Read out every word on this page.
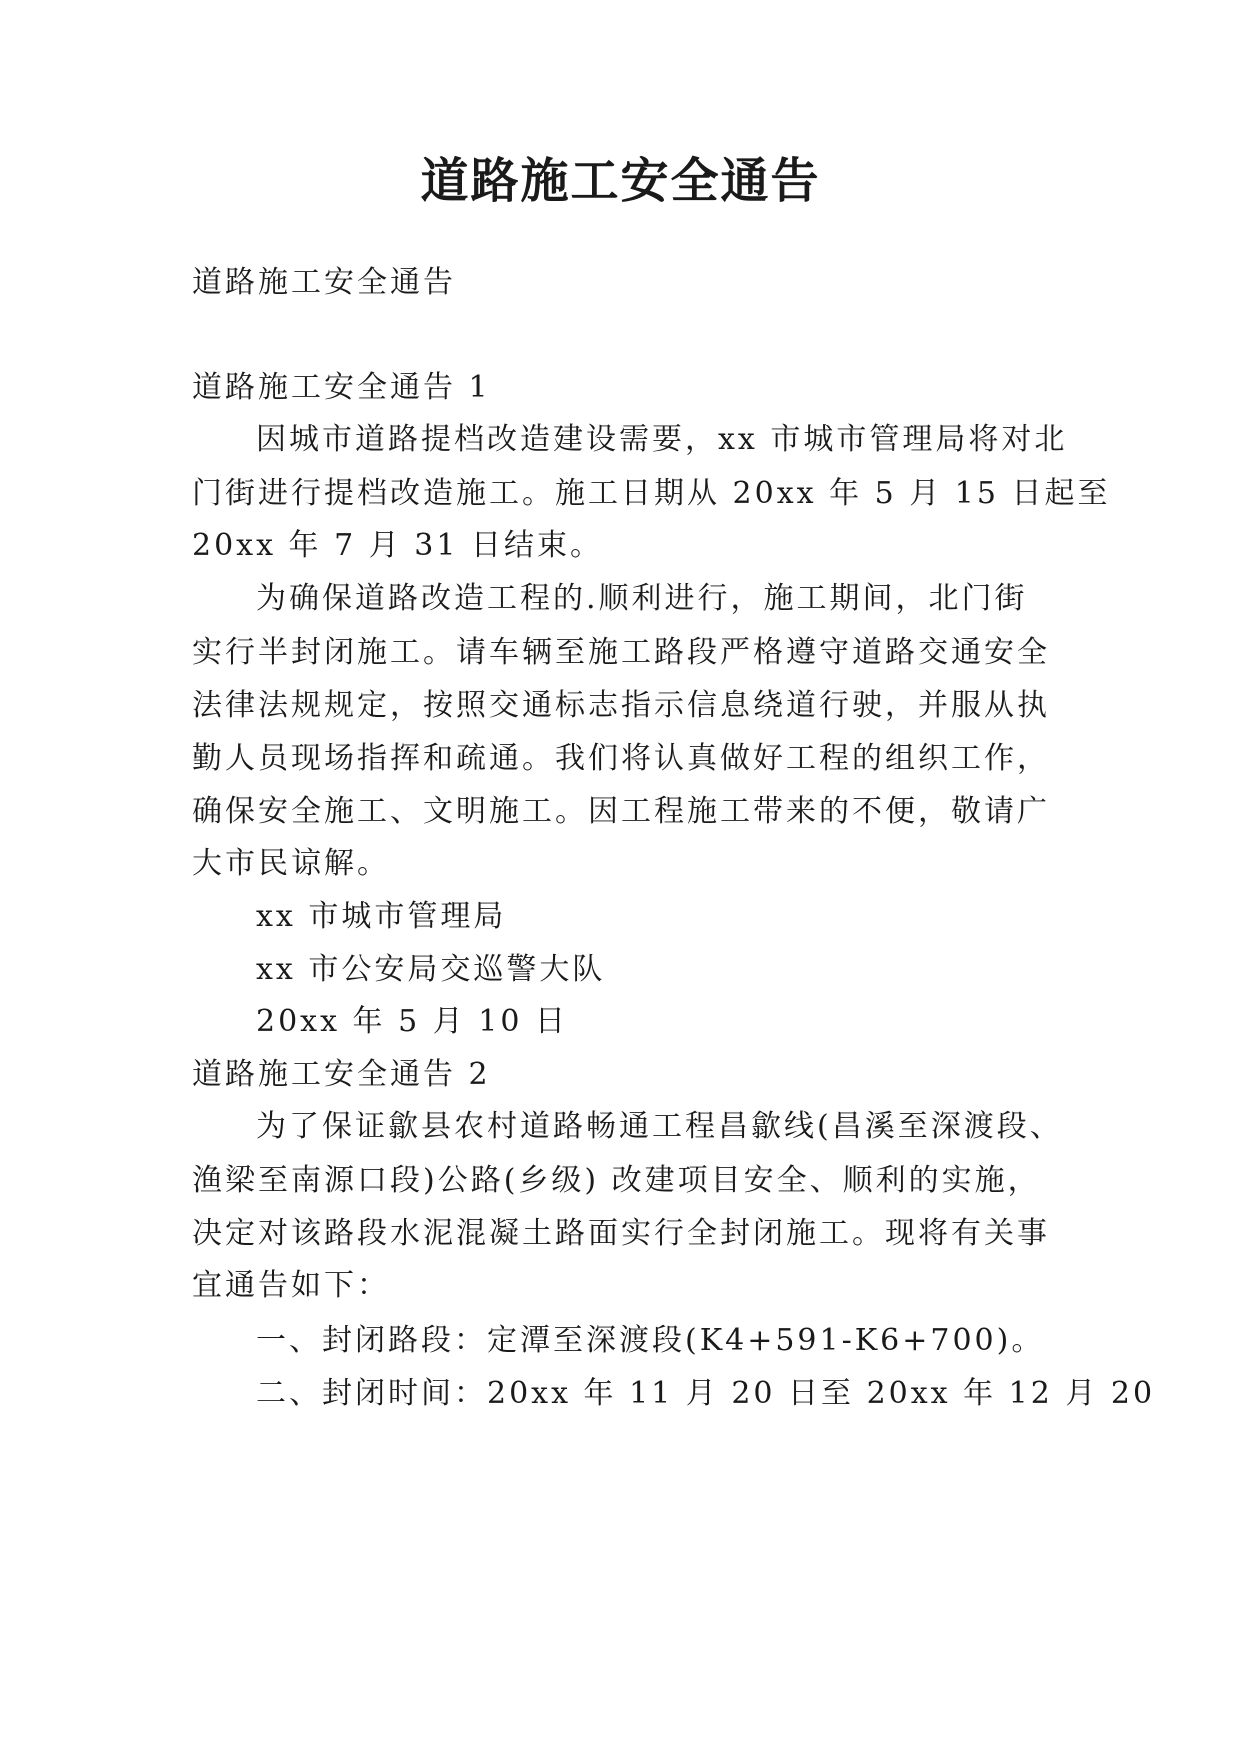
道路施工安全通告

道路施工安全通告

道路施工安全通告 1

因城市道路提档改造建设需要，xx 市城市管理局将对北

门街进行提档改造施工。施工日期从 20xx 年 5 月 15 日起至

20xx 年 7 月 31 日结束。

为确保道路改造工程的.顺利进行，施工期间，北门街

实行半封闭施工。请车辆至施工路段严格遵守道路交通安全

法律法规规定，按照交通标志指示信息绕道行驶，并服从执

勤人员现场指挥和疏通。我们将认真做好工程的组织工作，

确保安全施工、文明施工。因工程施工带来的不便，敬请广

大市民谅解。

xx 市城市管理局

xx 市公安局交巡警大队

20xx 年 5 月 10 日

道路施工安全通告 2

为了保证歙县农村道路畅通工程昌歙线(昌溪至深渡段、

渔梁至南源口段)公路(乡级) 改建项目安全、顺利的实施，

决定对该路段水泥混凝土路面实行全封闭施工。现将有关事

宜通告如下：

一、封闭路段：定潭至深渡段(K4+591-K6+700)。

二、封闭时间：20xx 年 11 月 20 日至 20xx 年 12 月 20
